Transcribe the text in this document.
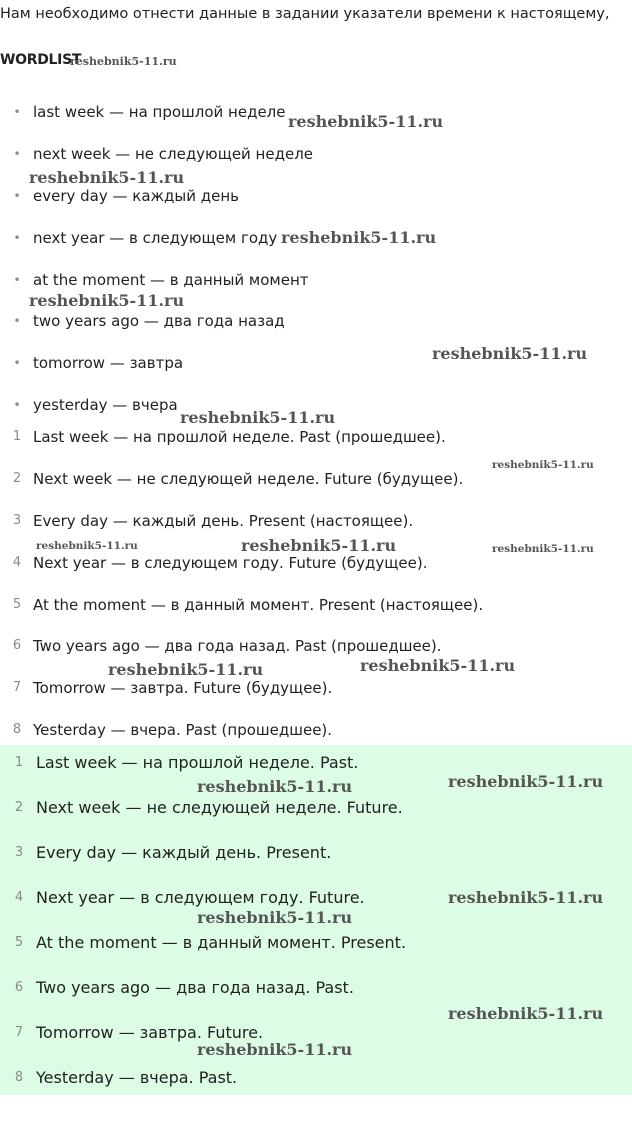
Нам необходимо отнести данные в задании указатели времени к настоящему,
WORDLIST
• last week — на прошлой неделе
• next week — не следующей неделе
• every day — каждый день
• next year — в следующем году
• at the moment — в данный момент
• two years ago — два года назад
• tomorrow — завтра
• yesterday — вчера
1 Last week — на прошлой неделе. Past (прошедшее).
2 Next week — не следующей неделе. Future (будущее).
3 Every day — каждый день. Present (настоящее).
4 Next year — в следующем году. Future (будущее).
5 At the moment — в данный момент. Present (настоящее).
6 Two years ago — два года назад. Past (прошедшее).
7 Tomorrow — завтра. Future (будущее).
8 Yesterday — вчера. Past (прошедшее).
1 Last week — на прошлой неделе. Past.
2 Next week — не следующей неделе. Future.
3 Every day — каждый день. Present.
4 Next year — в следующем году. Future.
5 At the moment — в данный момент. Present.
6 Two years ago — два года назад. Past.
7 Tomorrow — завтра. Future.
8 Yesterday — вчера. Past.
reshebnik5-11.ru
reshebnik5-11.ru
reshebnik5-11.ru
reshebnik5-11.ru
reshebnik5-11.ru
reshebnik5-11.ru
reshebnik5-11.ru
reshebnik5-11.ru
reshebnik5-11.ru	reshebnik5-11.ru	reshebnik5-11.ru
reshebnik5-11.ru	reshebnik5-11.ru
reshebnik5-11.ru
reshebnik5-11.ru
reshebnik5-11.ru
reshebnik5-11.ru
reshebnik5-11.ru
reshebnik5-11.ru
